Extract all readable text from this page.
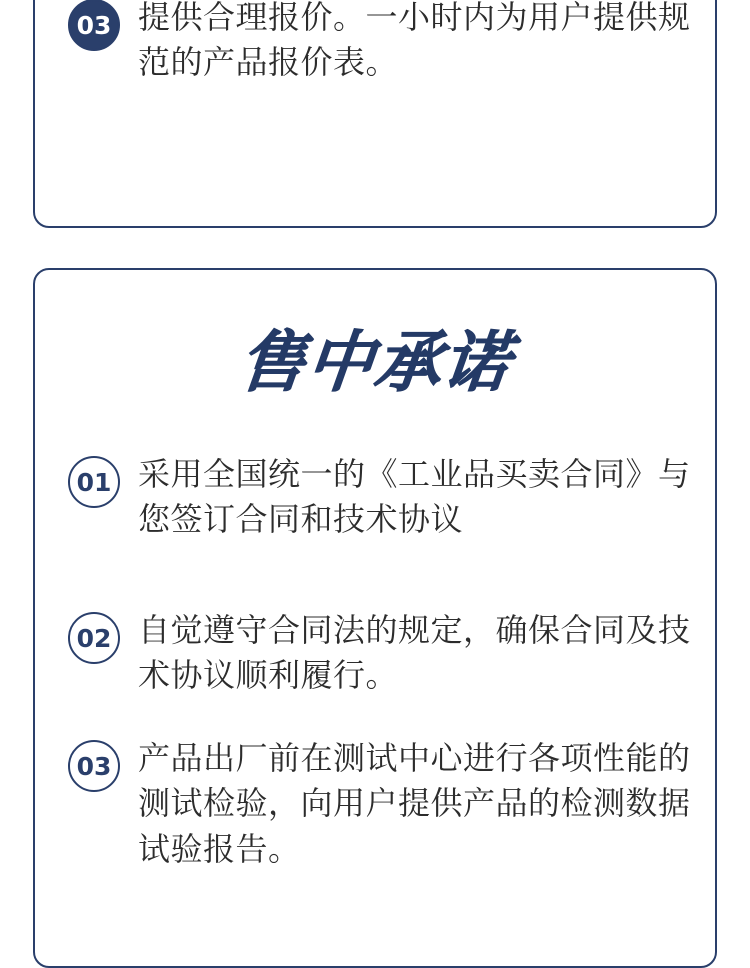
03 提供合理报价。一小时内为用户提供规范的产品报价表。
售中承诺
01 采用全国统一的《工业品买卖合同》与您签订合同和技术协议
02 自觉遵守合同法的规定，确保合同及技术协议顺利履行。
03 产品出厂前在测试中心进行各项性能的测试检验，向用户提供产品的检测数据试验报告。
